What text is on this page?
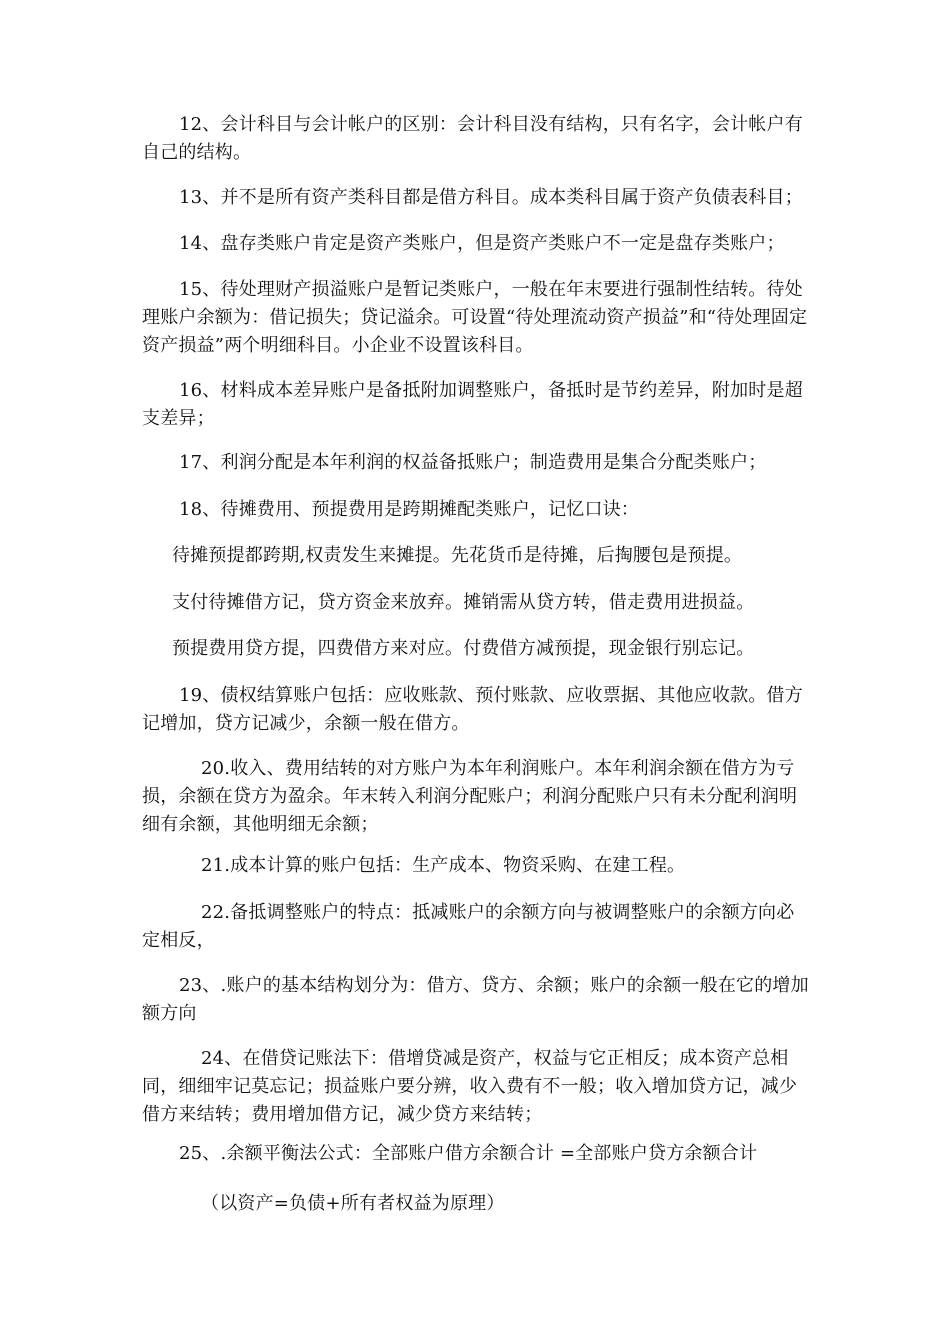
12、会计科目与会计帐户的区别：会计科目没有结构，只有名字，会计帐户有自己的结构。

13、并不是所有资产类科目都是借方科目。成本类科目属于资产负债表科目；

14、盘存类账户肯定是资产类账户，但是资产类账户不一定是盘存类账户；

15、待处理财产损溢账户是暂记类账户，一般在年末要进行强制性结转。待处理账户余额为：借记损失；贷记溢余。可设置“待处理流动资产损益”和“待处理固定资产损益”两个明细科目。小企业不设置该科目。

16、材料成本差异账户是备抵附加调整账户，备抵时是节约差异，附加时是超支差异；

17、利润分配是本年利润的权益备抵账户；制造费用是集合分配类账户；

18、待摊费用、预提费用是跨期摊配类账户，记忆口诀：

待摊预提都跨期,权责发生来摊提。先花货币是待摊，后掏腰包是预提。

支付待摊借方记，贷方资金来放弃。摊销需从贷方转，借走费用进损益。

预提费用贷方提，四费借方来对应。付费借方减预提，现金银行别忘记。

19、债权结算账户包括：应收账款、预付账款、应收票据、其他应收款。借方记增加，贷方记减少，余额一般在借方。

20.收入、费用结转的对方账户为本年利润账户。本年利润余额在借方为亏损，余额在贷方为盈余。年末转入利润分配账户；利润分配账户只有未分配利润明细有余额，其他明细无余额；

21.成本计算的账户包括：生产成本、物资采购、在建工程。

22.备抵调整账户的特点：抵减账户的余额方向与被调整账户的余额方向必定相反，

23、.账户的基本结构划分为：借方、贷方、余额；账户的余额一般在它的增加额方向

24、在借贷记账法下：借增贷减是资产，权益与它正相反；成本资产总相同，细细牢记莫忘记；损益账户要分辨，收入费有不一般；收入增加贷方记，减少借方来结转；费用增加借方记，减少贷方来结转；

25、.余额平衡法公式：全部账户借方余额合计 =全部账户贷方余额合计

（以资产=负债+所有者权益为原理）
